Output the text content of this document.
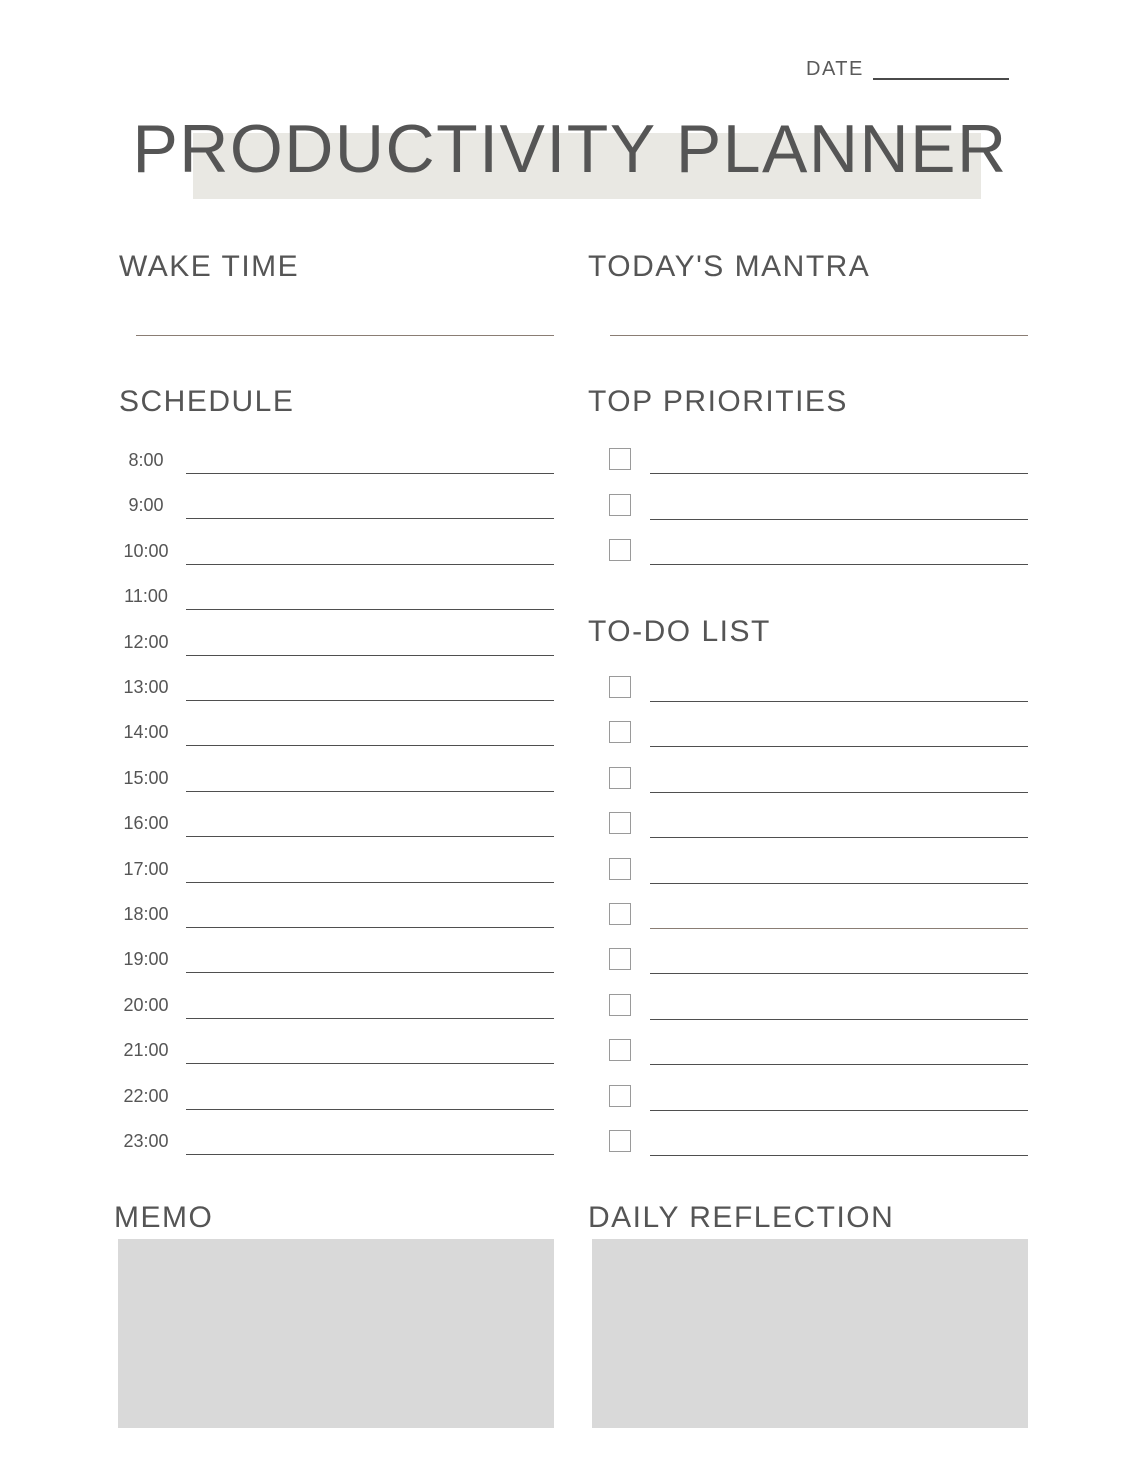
DATE
PRODUCTIVITY PLANNER
WAKE TIME	TODAY'S MANTRA
SCHEDULE
8:00
9:00
10:00
11:00
12:00
13:00
14:00
15:00
16:00
17:00
18:00
19:00
20:00
21:00
22:00
23:00
TOP PRIORITIES
TO-DO LIST
MEMO	DAILY REFLECTION
